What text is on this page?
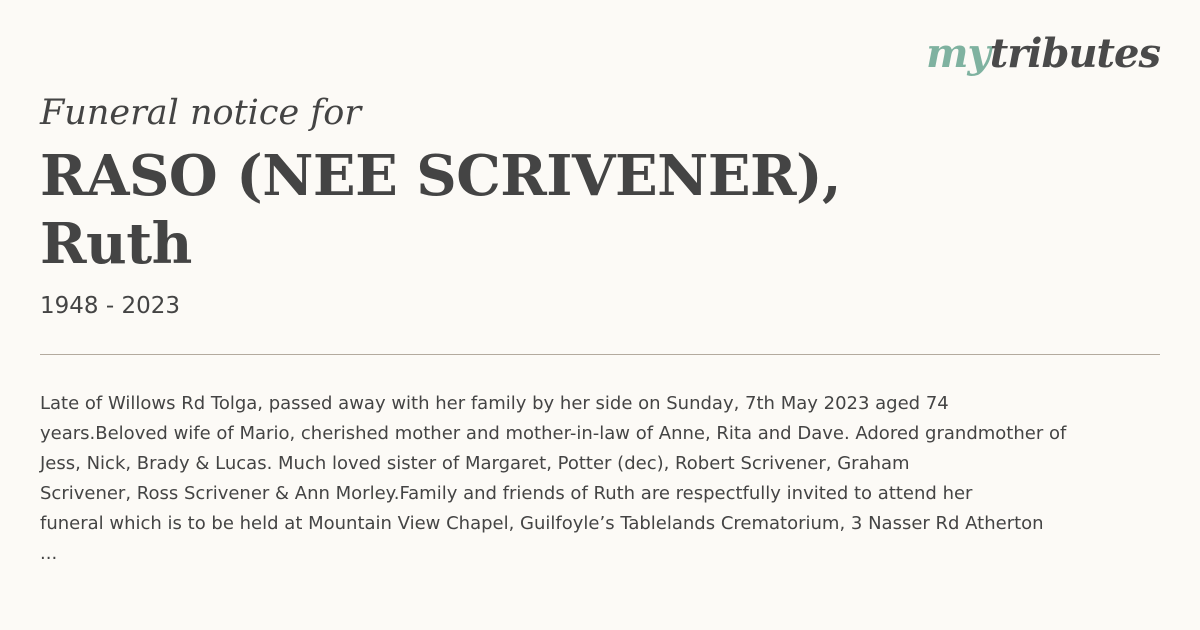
mytributes
Funeral notice for
RASO (NEE SCRIVENER),
Ruth
1948 - 2023
Late of Willows Rd Tolga, passed away with her family by her side on Sunday, 7th May 2023 aged 74
years.Beloved wife of Mario, cherished mother and mother-in-law of Anne, Rita and Dave. Adored grandmother of
Jess, Nick, Brady & Lucas. Much loved sister of Margaret, Potter (dec), Robert Scrivener, Graham
Scrivener, Ross Scrivener & Ann Morley.Family and friends of Ruth are respectfully invited to attend her
funeral which is to be held at Mountain View Chapel, Guilfoyle’s Tablelands Crematorium, 3 Nasser Rd Atherton
...
